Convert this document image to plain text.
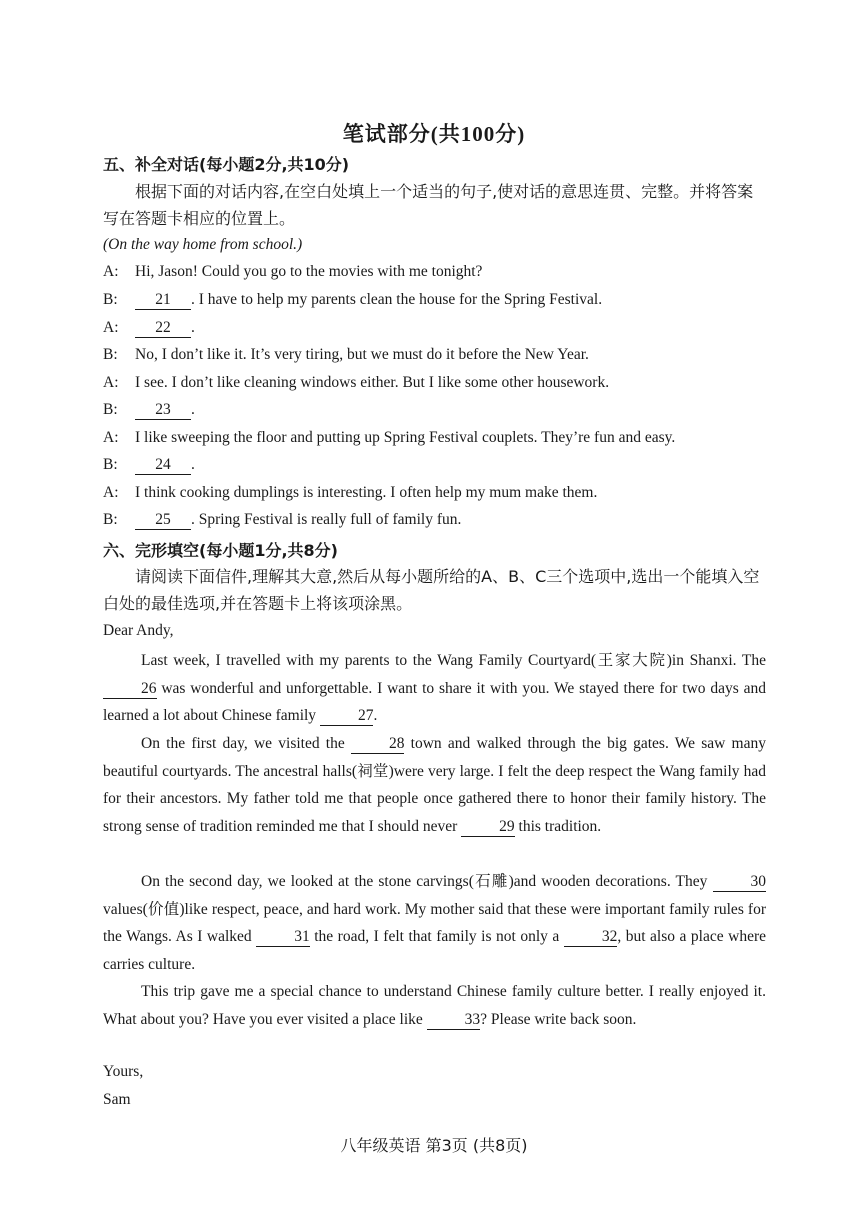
笔试部分(共100分)
五、补全对话(每小题2分,共10分)
根据下面的对话内容,在空白处填上一个适当的句子,使对话的意思连贯、完整。并将答案写在答题卡相应的位置上。
(On the way home from school.)
A: Hi, Jason! Could you go to the movies with me tonight?
B: 21 . I have to help my parents clean the house for the Spring Festival.
A: 22 .
B: No, I don’t like it. It’s very tiring, but we must do it before the New Year.
A: I see. I don’t like cleaning windows either. But I like some other housework.
B: 23 .
A: I like sweeping the floor and putting up Spring Festival couplets. They’re fun and easy.
B: 24 .
A: I think cooking dumplings is interesting. I often help my mum make them.
B: 25 . Spring Festival is really full of family fun.
六、完形填空(每小题1分,共8分)
请阅读下面信件,理解其大意,然后从每小题所给的A、B、C三个选项中,选出一个能填入空白处的最佳选项,并在答题卡上将该项涂黑。
Dear Andy,
Last week, I travelled with my parents to the Wang Family Courtyard(王家大院)in Shanxi. The 26 was wonderful and unforgettable. I want to share it with you. We stayed there for two days and learned a lot about Chinese family 27.
On the first day, we visited the 28 town and walked through the big gates. We saw many beautiful courtyards. The ancestral halls(祠堂)were very large. I felt the deep respect the Wang family had for their ancestors. My father told me that people once gathered there to honor their family history. The strong sense of tradition reminded me that I should never 29 this tradition.
On the second day, we looked at the stone carvings(石雕)and wooden decorations. They 30 values(价值)like respect, peace, and hard work. My mother said that these were important family rules for the Wangs. As I walked 31 the road, I felt that family is not only a 32, but also a place where carries culture.
This trip gave me a special chance to understand Chinese family culture better. I really enjoyed it. What about you? Have you ever visited a place like 33? Please write back soon.
Yours,
Sam
八年级英语 第3页 (共8页)
